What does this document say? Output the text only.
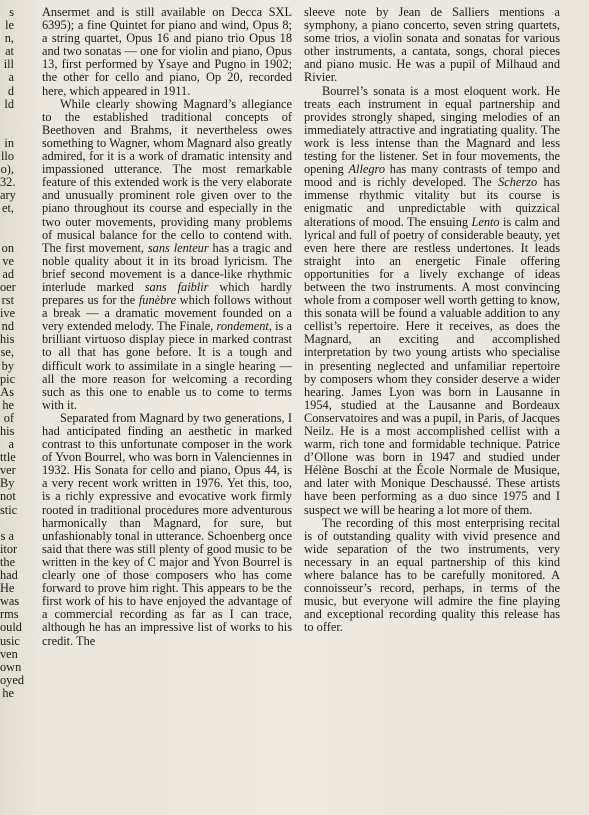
s
le
n,
at
ill
a
d
ld
in
llo
o),
32.
ary
et,
on
ve
ad
oer
rst
ive
nd
his
se,
by
pic
As
he
of
his
a
ttle
ver
By
not
stic
s a
itor
the
had
He
was
rms
ould
usic
ven
own
oyed
he

Ansermet and is still available on Decca SXL 6395); a fine Quintet for piano and wind, Opus 8; a string quartet, Opus 16 and piano trio Opus 18 and two sonatas — one for violin and piano, Opus 13, first performed by Ysaye and Pugno in 1902; the other for cello and piano, Op 20, recorded here, which appeared in 1911.

While clearly showing Magnard’s allegiance to the established traditional concepts of Beethoven and Brahms, it nevertheless owes something to Wagner, whom Magnard also greatly admired, for it is a work of dramatic intensity and impassioned utterance. The most remarkable feature of this extended work is the very elaborate and unusually prominent role given over to the piano throughout its course and especially in the two outer movements, providing many problems of musical balance for the cello to contend with. The first movement, sans lenteur has a tragic and noble quality about it in its broad lyricism. The brief second movement is a dance-like rhythmic interlude marked sans faiblir which hardly prepares us for the funèbre which follows without a break — a dramatic movement founded on a very extended melody. The Finale, rondement, is a brilliant virtuoso display piece in marked contrast to all that has gone before. It is a tough and difficult work to assimilate in a single hearing — all the more reason for welcoming a recording such as this one to enable us to come to terms with it.

Separated from Magnard by two generations, I had anticipated finding an aesthetic in marked contrast to this unfortunate composer in the work of Yvon Bourrel, who was born in Valenciennes in 1932. His Sonata for cello and piano, Opus 44, is a very recent work written in 1976. Yet this, too, is a richly expressive and evocative work firmly rooted in traditional procedures more adventurous harmonically than Magnard, for sure, but unfashionably tonal in utterance. Schoenberg once said that there was still plenty of good music to be written in the key of C major and Yvon Bourrel is clearly one of those composers who has come forward to prove him right. This appears to be the first work of his to have enjoyed the advantage of a commercial recording as far as I can trace, although he has an impressive list of works to his credit. The

sleeve note by Jean de Salliers mentions a symphony, a piano concerto, seven string quartets, some trios, a violin sonata and sonatas for various other instruments, a cantata, songs, choral pieces and piano music. He was a pupil of Milhaud and Rivier.

Bourrel’s sonata is a most eloquent work. He treats each instrument in equal partnership and provides strongly shaped, singing melodies of an immediately attractive and ingratiating quality. The work is less intense than the Magnard and less testing for the listener. Set in four movements, the opening Allegro has many contrasts of tempo and mood and is richly developed. The Scherzo has immense rhythmic vitality but its course is enigmatic and unpredictable with quizzical alterations of mood. The ensuing Lento is calm and lyrical and full of poetry of considerable beauty, yet even here there are restless undertones. It leads straight into an energetic Finale offering opportunities for a lively exchange of ideas between the two instruments. A most convincing whole from a composer well worth getting to know, this sonata will be found a valuable addition to any cellist’s repertoire. Here it receives, as does the Magnard, an exciting and accomplished interpretation by two young artists who specialise in presenting neglected and unfamiliar repertoire by composers whom they consider deserve a wider hearing. James Lyon was born in Lausanne in 1954, studied at the Lausanne and Bordeaux Conservatoires and was a pupil, in Paris, of Jacques Neilz. He is a most accomplished cellist with a warm, rich tone and formidable technique. Patrice d’Ollone was born in 1947 and studied under Hélène Boschi at the École Normale de Musique, and later with Monique Deschaussé. These artists have been performing as a duo since 1975 and I suspect we will be hearing a lot more of them.

The recording of this most enterprising recital is of outstanding quality with vivid presence and wide separation of the two instruments, very necessary in an equal partnership of this kind where balance has to be carefully monitored. A connoisseur’s record, perhaps, in terms of the music, but everyone will admire the fine playing and exceptional recording quality this release has to offer.
